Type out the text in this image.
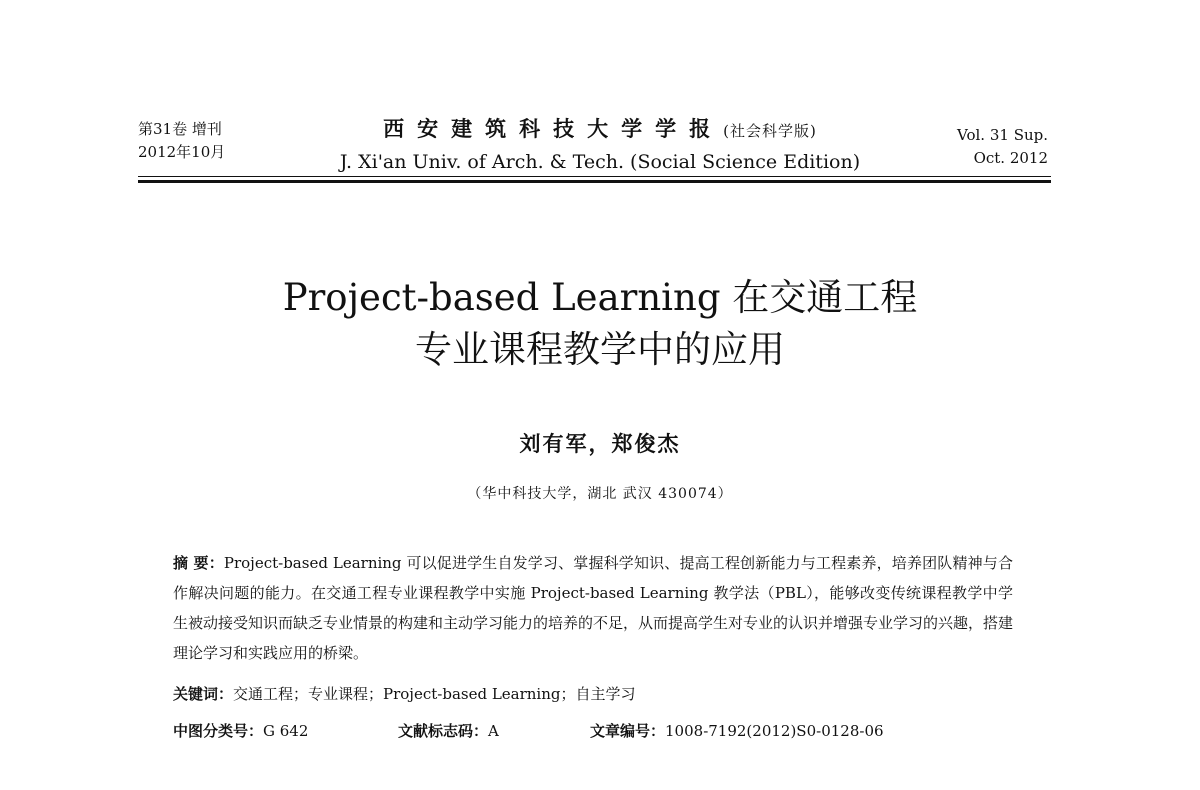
第31卷 增刊
2012年10月
西安建筑科技大学学报(社会科学版)
J. Xi'an Univ. of Arch. & Tech. (Social Science Edition)
Vol. 31 Sup.
Oct. 2012
Project-based Learning 在交通工程
专业课程教学中的应用
刘有军，郑俊杰
（华中科技大学，湖北 武汉 430074）
摘 要：Project-based Learning 可以促进学生自发学习、掌握科学知识、提高工程创新能力与工程素养，培养团队精神与合作解决问题的能力。在交通工程专业课程教学中实施 Project-based Learning 教学法（PBL），能够改变传统课程教学中学生被动接受知识而缺乏专业情景的构建和主动学习能力的培养的不足，从而提高学生对专业的认识并增强专业学习的兴趣，搭建理论学习和实践应用的桥梁。
关键词：交通工程；专业课程；Project-based Learning；自主学习
中图分类号：G 642	文献标志码：A	文章编号：1008-7192(2012)S0-0128-06
